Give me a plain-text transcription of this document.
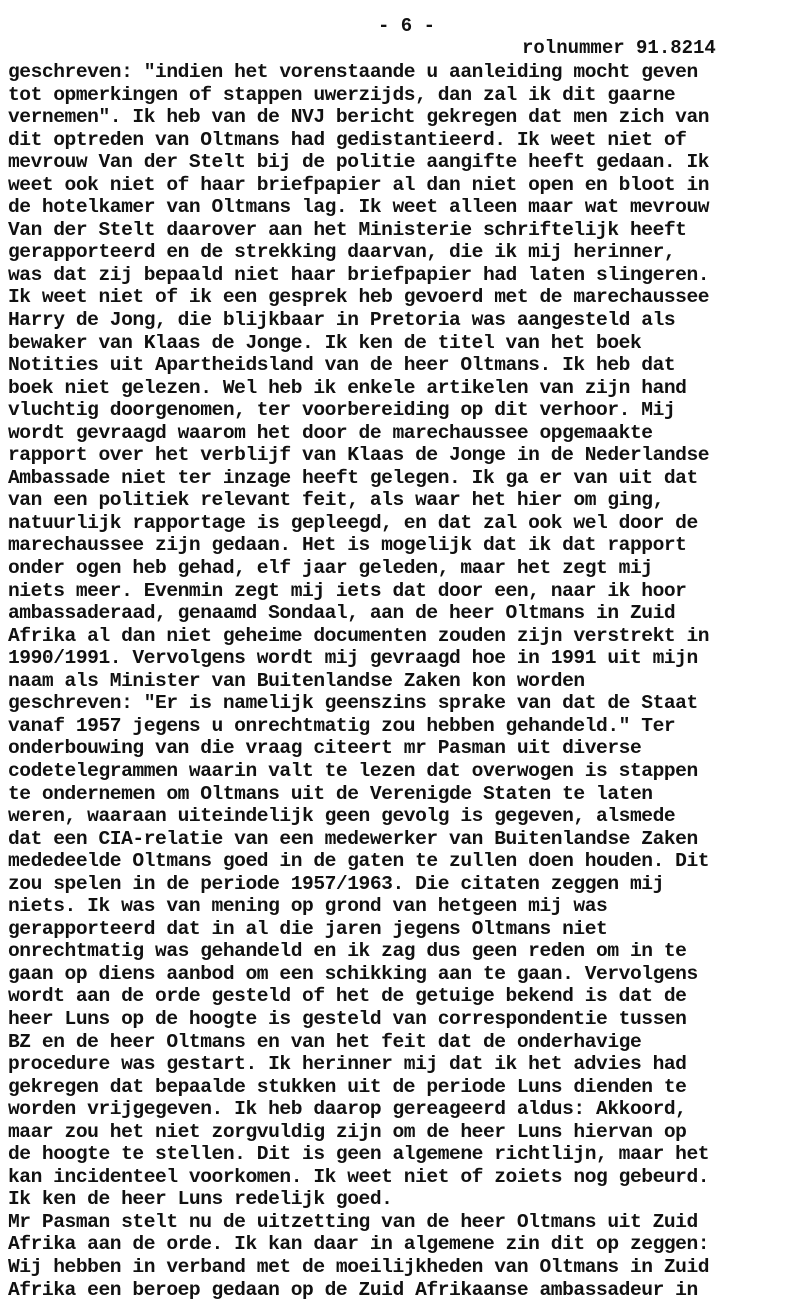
- 6 -

rolnummer 91.8214

geschreven: "indien het vorenstaande u aanleiding mocht geven
tot opmerkingen of stappen uwerzijds, dan zal ik dit gaarne
vernemen". Ik heb van de NVJ bericht gekregen dat men zich van
dit optreden van Oltmans had gedistantieerd. Ik weet niet of
mevrouw Van der Stelt bij de politie aangifte heeft gedaan. Ik
weet ook niet of haar briefpapier al dan niet open en bloot in
de hotelkamer van Oltmans lag. Ik weet alleen maar wat mevrouw
Van der Stelt daarover aan het Ministerie schriftelijk heeft
gerapporteerd en de strekking daarvan, die ik mij herinner,
was dat zij bepaald niet haar briefpapier had laten slingeren.
Ik weet niet of ik een gesprek heb gevoerd met de marechaussee
Harry de Jong, die blijkbaar in Pretoria was aangesteld als
bewaker van Klaas de Jonge. Ik ken de titel van het boek
Notities uit Apartheidsland van de heer Oltmans. Ik heb dat
boek niet gelezen. Wel heb ik enkele artikelen van zijn hand
vluchtig doorgenomen, ter voorbereiding op dit verhoor. Mij
wordt gevraagd waarom het door de marechaussee opgemaakte
rapport over het verblijf van Klaas de Jonge in de Nederlandse
Ambassade niet ter inzage heeft gelegen. Ik ga er van uit dat
van een politiek relevant feit, als waar het hier om ging,
natuurlijk rapportage is gepleegd, en dat zal ook wel door de
marechaussee zijn gedaan. Het is mogelijk dat ik dat rapport
onder ogen heb gehad, elf jaar geleden, maar het zegt mij
niets meer. Evenmin zegt mij iets dat door een, naar ik hoor
ambassaderaad, genaamd Sondaal, aan de heer Oltmans in Zuid
Afrika al dan niet geheime documenten zouden zijn verstrekt in
1990/1991. Vervolgens wordt mij gevraagd hoe in 1991 uit mijn
naam als Minister van Buitenlandse Zaken kon worden
geschreven: "Er is namelijk geenszins sprake van dat de Staat
vanaf 1957 jegens u onrechtmatig zou hebben gehandeld." Ter
onderbouwing van die vraag citeert mr Pasman uit diverse
codetelegrammen waarin valt te lezen dat overwogen is stappen
te ondernemen om Oltmans uit de Verenigde Staten te laten
weren, waaraan uiteindelijk geen gevolg is gegeven, alsmede
dat een CIA-relatie van een medewerker van Buitenlandse Zaken
mededeelde Oltmans goed in de gaten te zullen doen houden. Dit
zou spelen in de periode 1957/1963. Die citaten zeggen mij
niets. Ik was van mening op grond van hetgeen mij was
gerapporteerd dat in al die jaren jegens Oltmans niet
onrechtmatig was gehandeld en ik zag dus geen reden om in te
gaan op diens aanbod om een schikking aan te gaan. Vervolgens
wordt aan de orde gesteld of het de getuige bekend is dat de
heer Luns op de hoogte is gesteld van correspondentie tussen
BZ en de heer Oltmans en van het feit dat de onderhavige
procedure was gestart. Ik herinner mij dat ik het advies had
gekregen dat bepaalde stukken uit de periode Luns dienden te
worden vrijgegeven. Ik heb daarop gereageerd aldus: Akkoord,
maar zou het niet zorgvuldig zijn om de heer Luns hiervan op
de hoogte te stellen. Dit is geen algemene richtlijn, maar het
kan incidenteel voorkomen. Ik weet niet of zoiets nog gebeurd.
Ik ken de heer Luns redelijk goed.
Mr Pasman stelt nu de uitzetting van de heer Oltmans uit Zuid
Afrika aan de orde. Ik kan daar in algemene zin dit op zeggen:
Wij hebben in verband met de moeilijkheden van Oltmans in Zuid
Afrika een beroep gedaan op de Zuid Afrikaanse ambassadeur in
